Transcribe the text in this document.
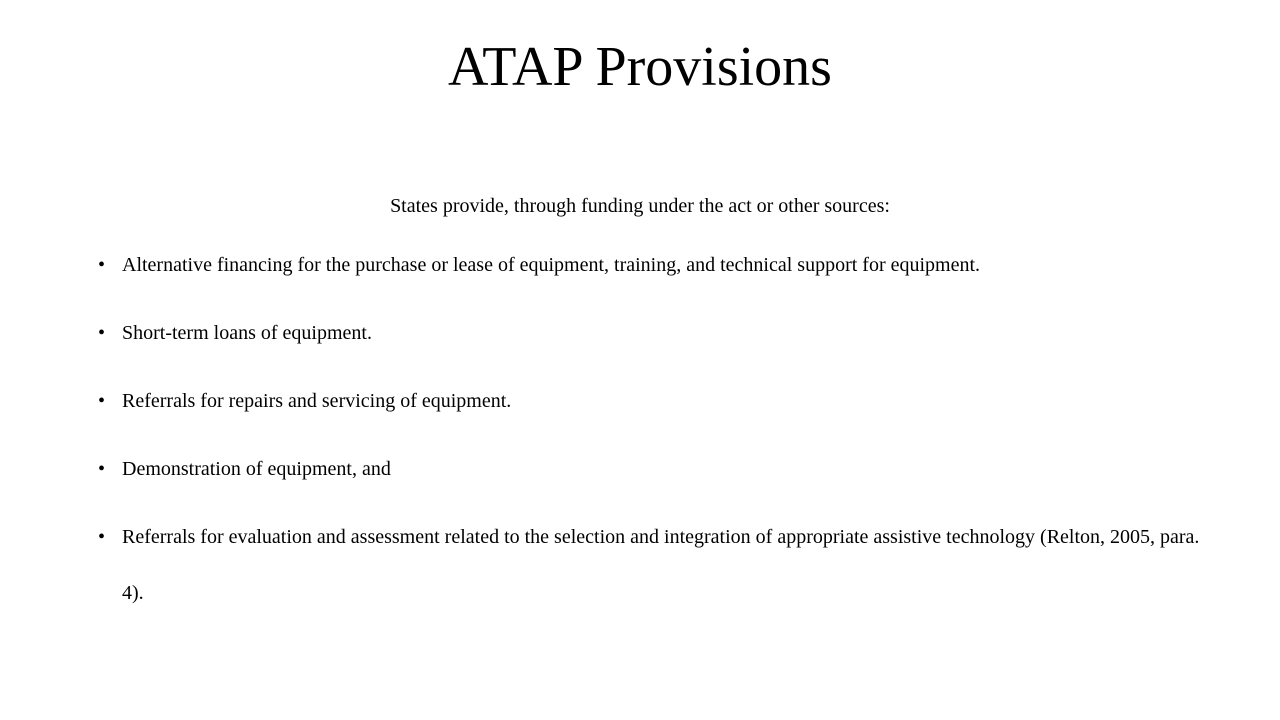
ATAP Provisions

States provide, through funding under the act or other sources:

• Alternative financing for the purchase or lease of equipment, training, and technical support for equipment.
• Short-term loans of equipment.
• Referrals for repairs and servicing of equipment.
• Demonstration of equipment, and
• Referrals for evaluation and assessment related to the selection and integration of appropriate assistive technology (Relton, 2005, para. 4).
